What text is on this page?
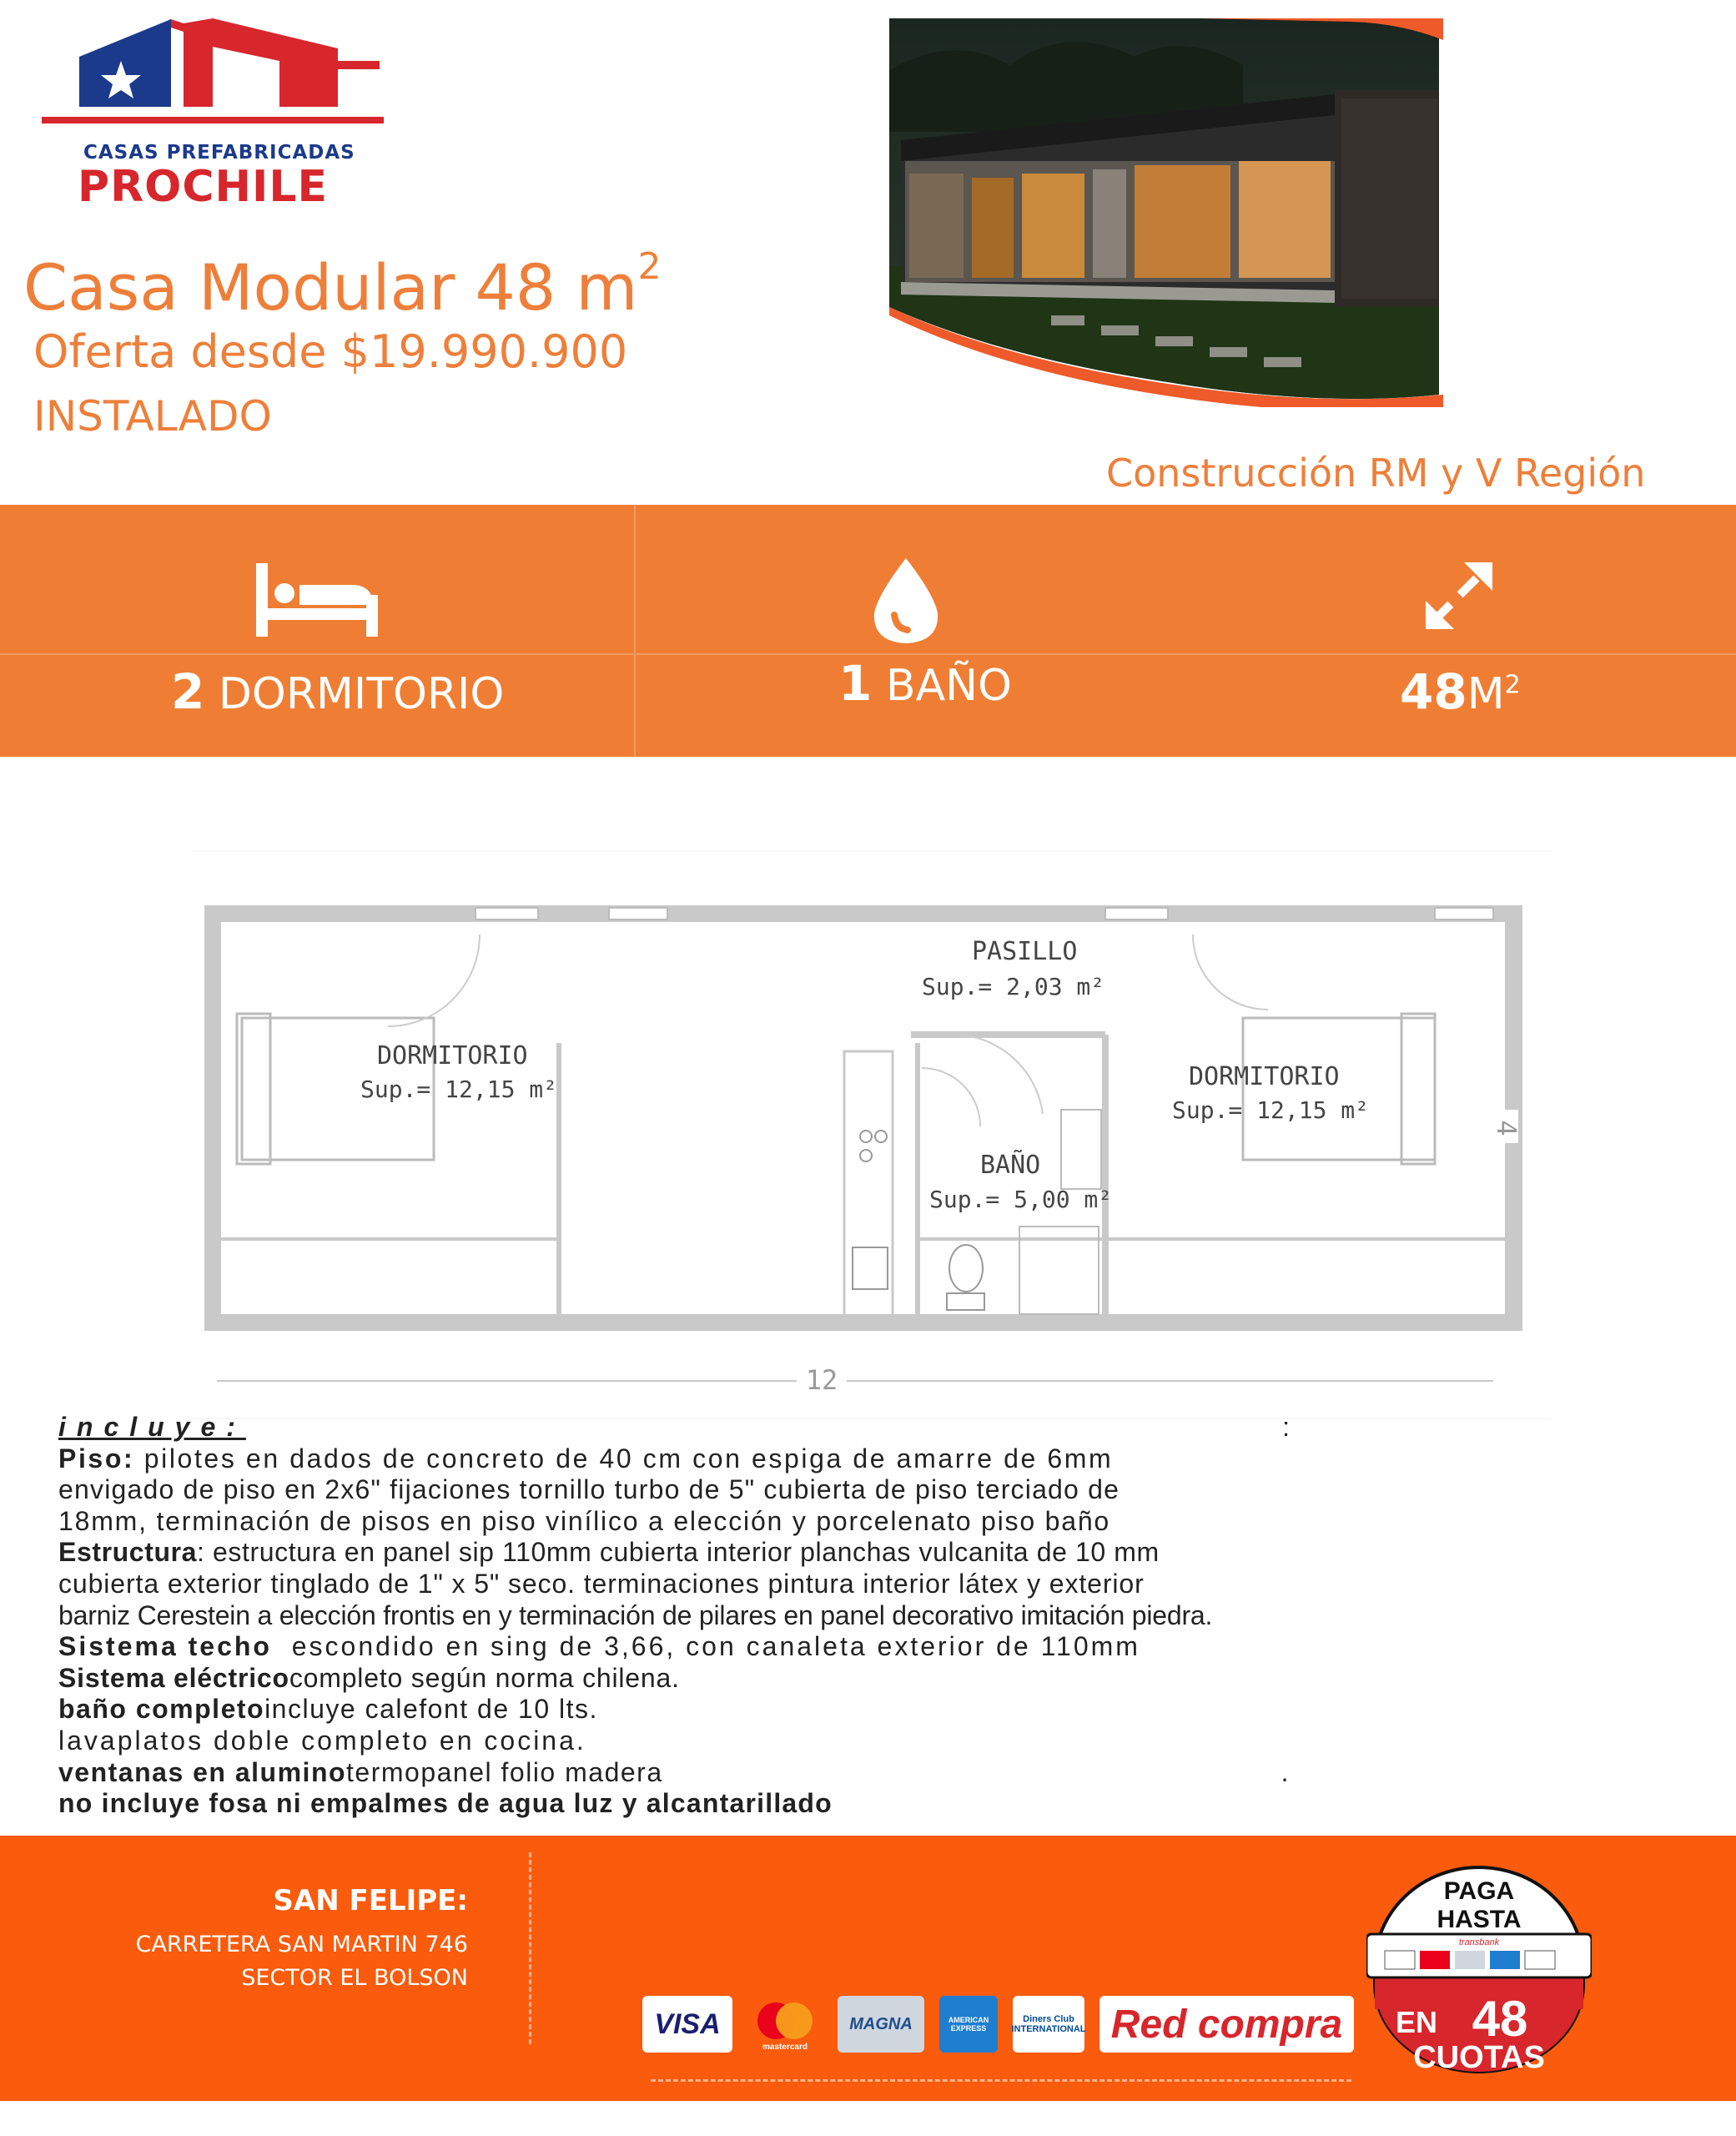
CASAS PREFABRICADAS
PROCHILE
Casa Modular 48 $m^2$
Oferta desde $19.990.900
INSTALADO
Construcción RM y V Región
2 DORMITORIO	1 BAÑO	$48M^2$
DORMITORIO
Sup.= 12,15 m²
PASILLO
Sup.= 2,03 m²
BAÑO
Sup.= 5,00 m²
DORMITORIO
Sup.= 12,15 m²
12
4
incluye:	:
Piso: pilotes en dados de concreto de 40 cm con espiga de amarre de 6mm
envigado de piso en 2x6" fijaciones tornillo turbo de 5" cubierta de piso terciado de
18mm, terminación de pisos en piso vinílico a elección y porcelenato piso baño
Estructura: estructura en panel sip 110mm cubierta interior planchas vulcanita de 10 mm
cubierta exterior tinglado de 1" x 5" seco. terminaciones pintura interior látex y exterior
barniz Cerestein a elección frontis en y terminación de pilares en panel decorativo imitación piedra.
Sistema techo escondido en sing de 3,66, con canaleta exterior de 110mm
Sistema eléctricocompleto según norma chilena.
baño completoincluye calefont de 10 lts.
lavaplatos doble completo en cocina.
ventanas en aluminotermopanel folio madera	.
no incluye fosa ni empalmes de agua luz y alcantarillado
SAN FELIPE:
CARRETERA SAN MARTIN 746
SECTOR EL BOLSON
VISA
mastercard
MAGNA	AMERICAN EXPRESS
Diners Club INTERNATIONAL Red compra
PAGA
HASTA
transbank
EN 48
CUOTAS
